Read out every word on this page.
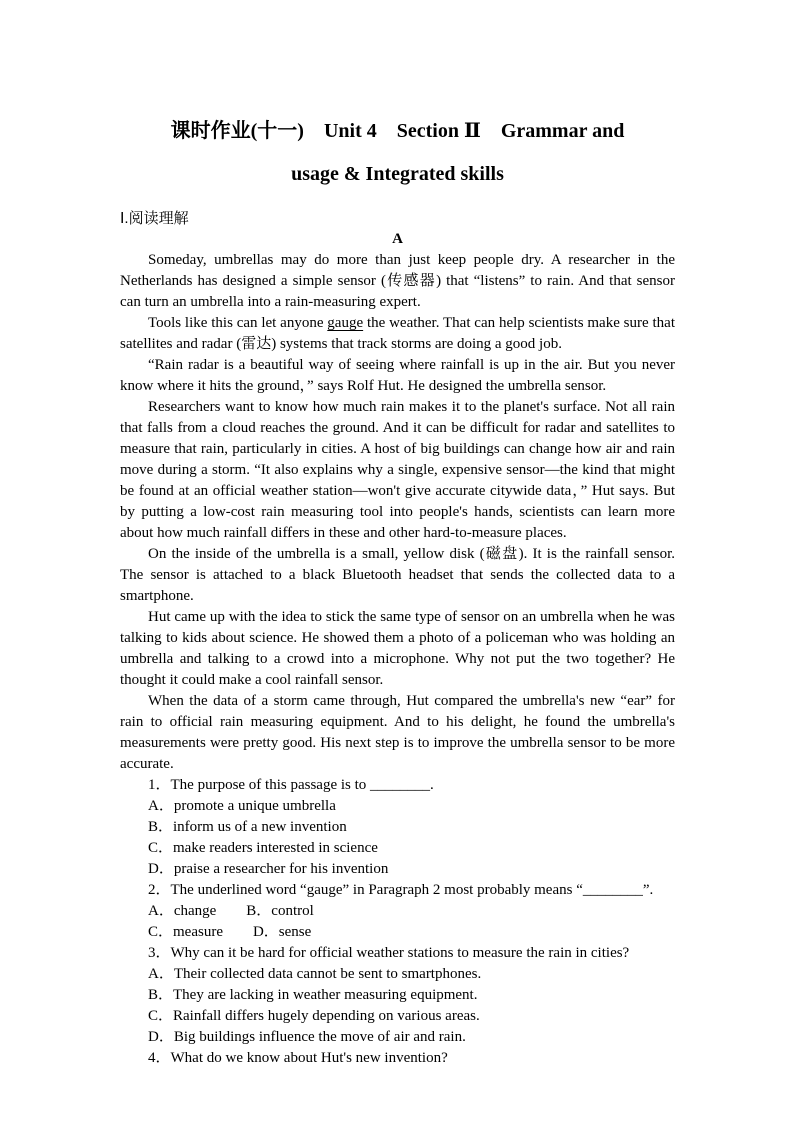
课时作业(十一)　Unit 4　Section Ⅱ　Grammar and
usage & Integrated skills
Ⅰ.阅读理解
A

Someday, umbrellas may do more than just keep people dry. A researcher in the Netherlands has designed a simple sensor (传感器) that “listens” to rain. And that sensor can turn an umbrella into a rain-measuring expert.

Tools like this can let anyone gauge the weather. That can help scientists make sure that satellites and radar (雷达) systems that track storms are doing a good job.

“Rain radar is a beautiful way of seeing where rainfall is up in the air. But you never know where it hits the ground，” says Rolf Hut. He designed the umbrella sensor.

Researchers want to know how much rain makes it to the planet's surface. Not all rain that falls from a cloud reaches the ground. And it can be difficult for radar and satellites to measure that rain, particularly in cities. A host of big buildings can change how air and rain move during a storm. “It also explains why a single, expensive sensor—the kind that might be found at an official weather station—won't give accurate citywide data，” Hut says. But by putting a low-cost rain measuring tool into people's hands, scientists can learn more about how much rainfall differs in these and other hard-to-measure places.

On the inside of the umbrella is a small, yellow disk (磁盘). It is the rainfall sensor. The sensor is attached to a black Bluetooth headset that sends the collected data to a smartphone.

Hut came up with the idea to stick the same type of sensor on an umbrella when he was talking to kids about science. He showed them a photo of a policeman who was holding an umbrella and talking to a crowd into a microphone. Why not put the two together? He thought it could make a cool rainfall sensor.

When the data of a storm came through, Hut compared the umbrella's new “ear” for rain to official rain measuring equipment. And to his delight, he found the umbrella's measurements were pretty good. His next step is to improve the umbrella sensor to be more accurate.

1．The purpose of this passage is to ________.

A．promote a unique umbrella

B．inform us of a new invention

C．make readers interested in science

D．praise a researcher for his invention

2．The underlined word “gauge” in Paragraph 2 most probably means “________”.

A．change　　B．control

C．measure　　D．sense

3．Why can it be hard for official weather stations to measure the rain in cities?

A．Their collected data cannot be sent to smartphones.

B．They are lacking in weather measuring equipment.

C．Rainfall differs hugely depending on various areas.

D．Big buildings influence the move of air and rain.

4．What do we know about Hut's new invention?
